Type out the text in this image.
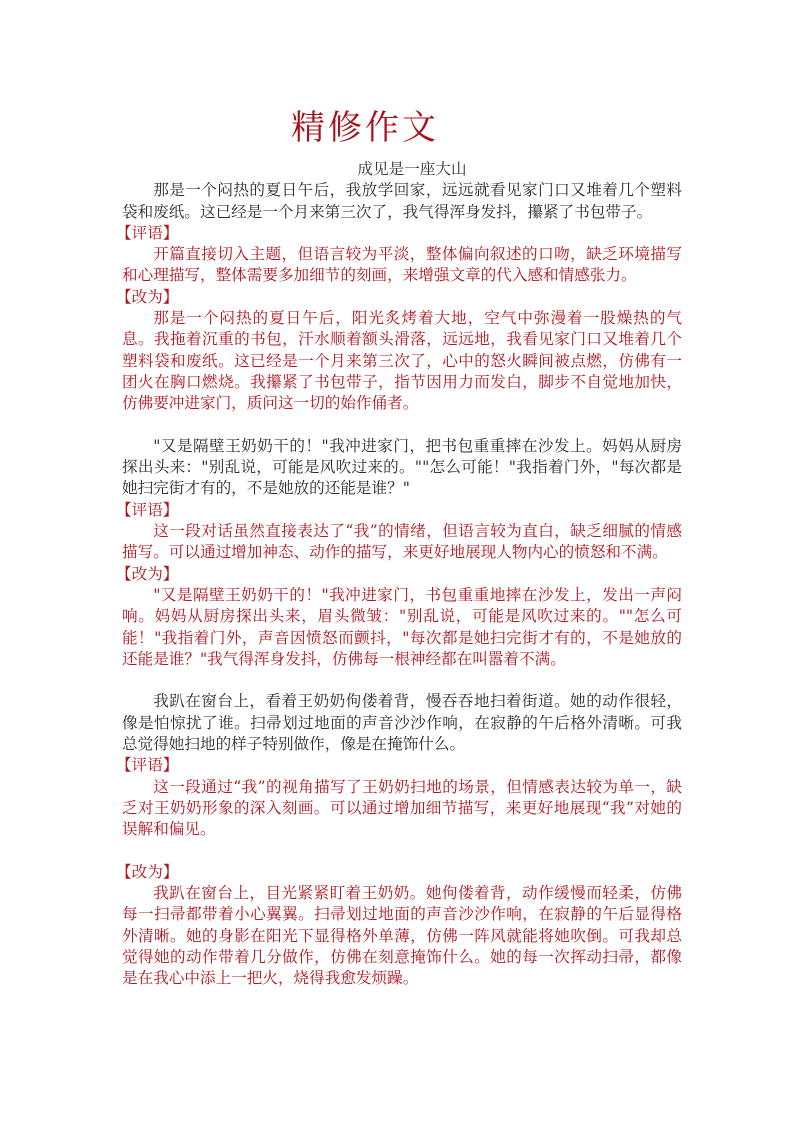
精修作文

成见是一座大山

那是一个闷热的夏日午后，我放学回家，远远就看见家门口又堆着几个塑料袋和废纸。这已经是一个月来第三次了，我气得浑身发抖，攥紧了书包带子。

【评语】

开篇直接切入主题，但语言较为平淡，整体偏向叙述的口吻，缺乏环境描写和心理描写，整体需要多加细节的刻画，来增强文章的代入感和情感张力。

【改为】

那是一个闷热的夏日午后，阳光炙烤着大地，空气中弥漫着一股燥热的气息。我拖着沉重的书包，汗水顺着额头滑落，远远地，我看见家门口又堆着几个塑料袋和废纸。这已经是一个月来第三次了，心中的怒火瞬间被点燃，仿佛有一团火在胸口燃烧。我攥紧了书包带子，指节因用力而发白，脚步不自觉地加快，仿佛要冲进家门，质问这一切的始作俑者。

"又是隔壁王奶奶干的！"我冲进家门，把书包重重摔在沙发上。妈妈从厨房探出头来："别乱说，可能是风吹过来的。""怎么可能！"我指着门外，"每次都是她扫完街才有的，不是她放的还能是谁？"

【评语】

这一段对话虽然直接表达了“我”的情绪，但语言较为直白，缺乏细腻的情感描写。可以通过增加神态、动作的描写，来更好地展现人物内心的愤怒和不满。

【改为】

"又是隔壁王奶奶干的！"我冲进家门，书包重重地摔在沙发上，发出一声闷响。妈妈从厨房探出头来，眉头微皱："别乱说，可能是风吹过来的。""怎么可能！"我指着门外，声音因愤怒而颤抖，"每次都是她扫完街才有的，不是她放的还能是谁？"我气得浑身发抖，仿佛每一根神经都在叫嚣着不满。

我趴在窗台上，看着王奶奶佝偻着背，慢吞吞地扫着街道。她的动作很轻，像是怕惊扰了谁。扫帚划过地面的声音沙沙作响，在寂静的午后格外清晰。可我总觉得她扫地的样子特别做作，像是在掩饰什么。

【评语】

这一段通过“我”的视角描写了王奶奶扫地的场景，但情感表达较为单一，缺乏对王奶奶形象的深入刻画。可以通过增加细节描写，来更好地展现“我”对她的误解和偏见。

【改为】

我趴在窗台上，目光紧紧盯着王奶奶。她佝偻着背，动作缓慢而轻柔，仿佛每一扫帚都带着小心翼翼。扫帚划过地面的声音沙沙作响，在寂静的午后显得格外清晰。她的身影在阳光下显得格外单薄，仿佛一阵风就能将她吹倒。可我却总觉得她的动作带着几分做作，仿佛在刻意掩饰什么。她的每一次挥动扫帚，都像是在我心中添上一把火，烧得我愈发烦躁。
